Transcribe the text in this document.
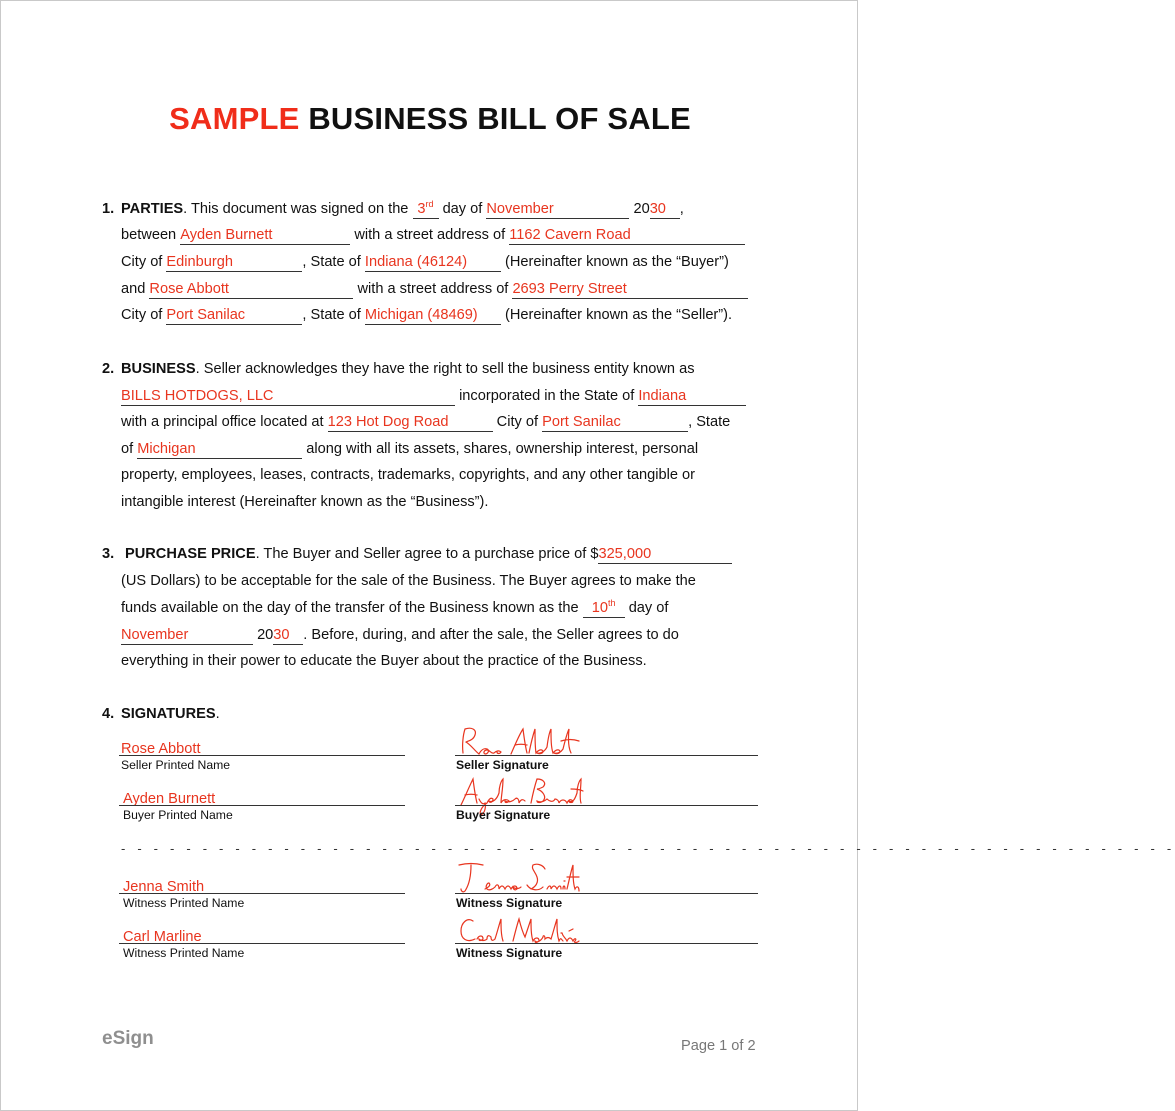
SAMPLE BUSINESS BILL OF SALE
1. PARTIES. This document was signed on the 3rd day of November	2030 ,
between Ayden Burnett	with a street address of 1162 Cavern Road
City of Edinburgh	, State of Indiana (46124)	(Hereinafter known as the “Buyer”)
and Rose Abbott	with a street address of 2693 Perry Street
City of Port Sanilac	, State of Michigan (48469) (Hereinafter known as the “Seller”).
2. BUSINESS. Seller acknowledges they have the right to sell the business entity known as
BILLS HOTDOGS, LLC	incorporated in the State of Indiana
with a principal office located at 123 Hot Dog Road	City of Port Sanilac	, State
of Michigan	along with all its assets, shares, ownership interest, personal
property, employees, leases, contracts, trademarks, copyrights, and any other tangible or
intangible interest (Hereinafter known as the “Business”).
3. PURCHASE PRICE. The Buyer and Seller agree to a purchase price of $325,000
(US Dollars) to be acceptable for the sale of the Business. The Buyer agrees to make the
funds available on the day of the transfer of the Business known as the 10th day of
November	2030 . Before, during, and after the sale, the Seller agrees to do
everything in their power to educate the Buyer about the practice of the Business.
4. SIGNATURES.
Rose Abbott
Seller Printed Name	Seller Signature
Ayden Burnett
Buyer Printed Name	Buyer Signature
- - - - - - - - - - - - - - - - - - - - - - - - - - - - - - - - - - - - - - - - - - - - - - - - - - - - - - - - - - - - - - - - -
Jenna Smith
Witness Printed Name	Witness Signature
Carl Marline
Witness Printed Name	Witness Signature
eSign	Page 1 of 2
